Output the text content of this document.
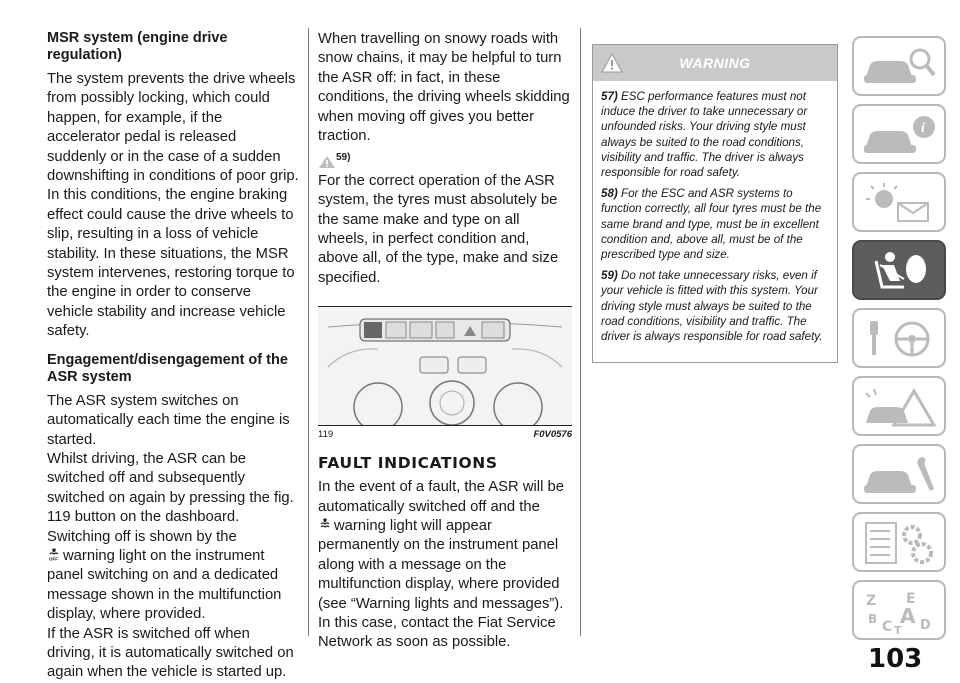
MSR system (engine drive regulation)

The system prevents the drive wheels from possibly locking, which could happen, for example, if the accelerator pedal is released suddenly or in the case of a sudden downshifting in conditions of poor grip.

In this conditions, the engine braking effect could cause the drive wheels to slip, resulting in a loss of vehicle stability. In these situations, the MSR system intervenes, restoring torque to the engine in order to conserve vehicle stability and increase vehicle safety.

Engagement/disengagement of the ASR system

The ASR system switches on automatically each time the engine is started.

Whilst driving, the ASR can be switched off and subsequently switched on again by pressing the fig. 119 button on the dashboard.

Switching off is shown by the

OFF warning light on the instrument panel switching on and a dedicated message shown in the multifunction display, where provided.

If the ASR is switched off when driving, it is automatically switched on again when the vehicle is started up.

When travelling on snowy roads with snow chains, it may be helpful to turn the ASR off: in fact, in these conditions, the driving wheels skidding when moving off gives you better traction.

$^{59)}$

For the correct operation of the ASR system, the tyres must absolutely be the same make and type on all wheels, in perfect condition and, above all, of the type, make and size specified.

119	F0V0576

FAULT INDICATIONS

In the event of a fault, the ASR will be automatically switched off and the
warning light will appear permanently on the instrument panel along with a message on the multifunction display, where provided (see “Warning lights and messages”). In this case, contact the Fiat Service Network as soon as possible.

WARNING

57) ESC performance features must not induce the driver to take unnecessary or unfounded risks. Your driving style must always be suited to the road conditions, visibility and traffic. The driver is always responsible for road safety.

58) For the ESC and ASR systems to function correctly, all four tyres must be the same brand and type, must be in excellent condition and, above all, must be of the prescribed type and size.

59) Do not take unnecessary risks, even if your vehicle is fitted with this system. Your driving style must always be suited to the road conditions, visibility and traffic. The driver is always responsible for road safety.

i
Z E
B A
C D
T
103
